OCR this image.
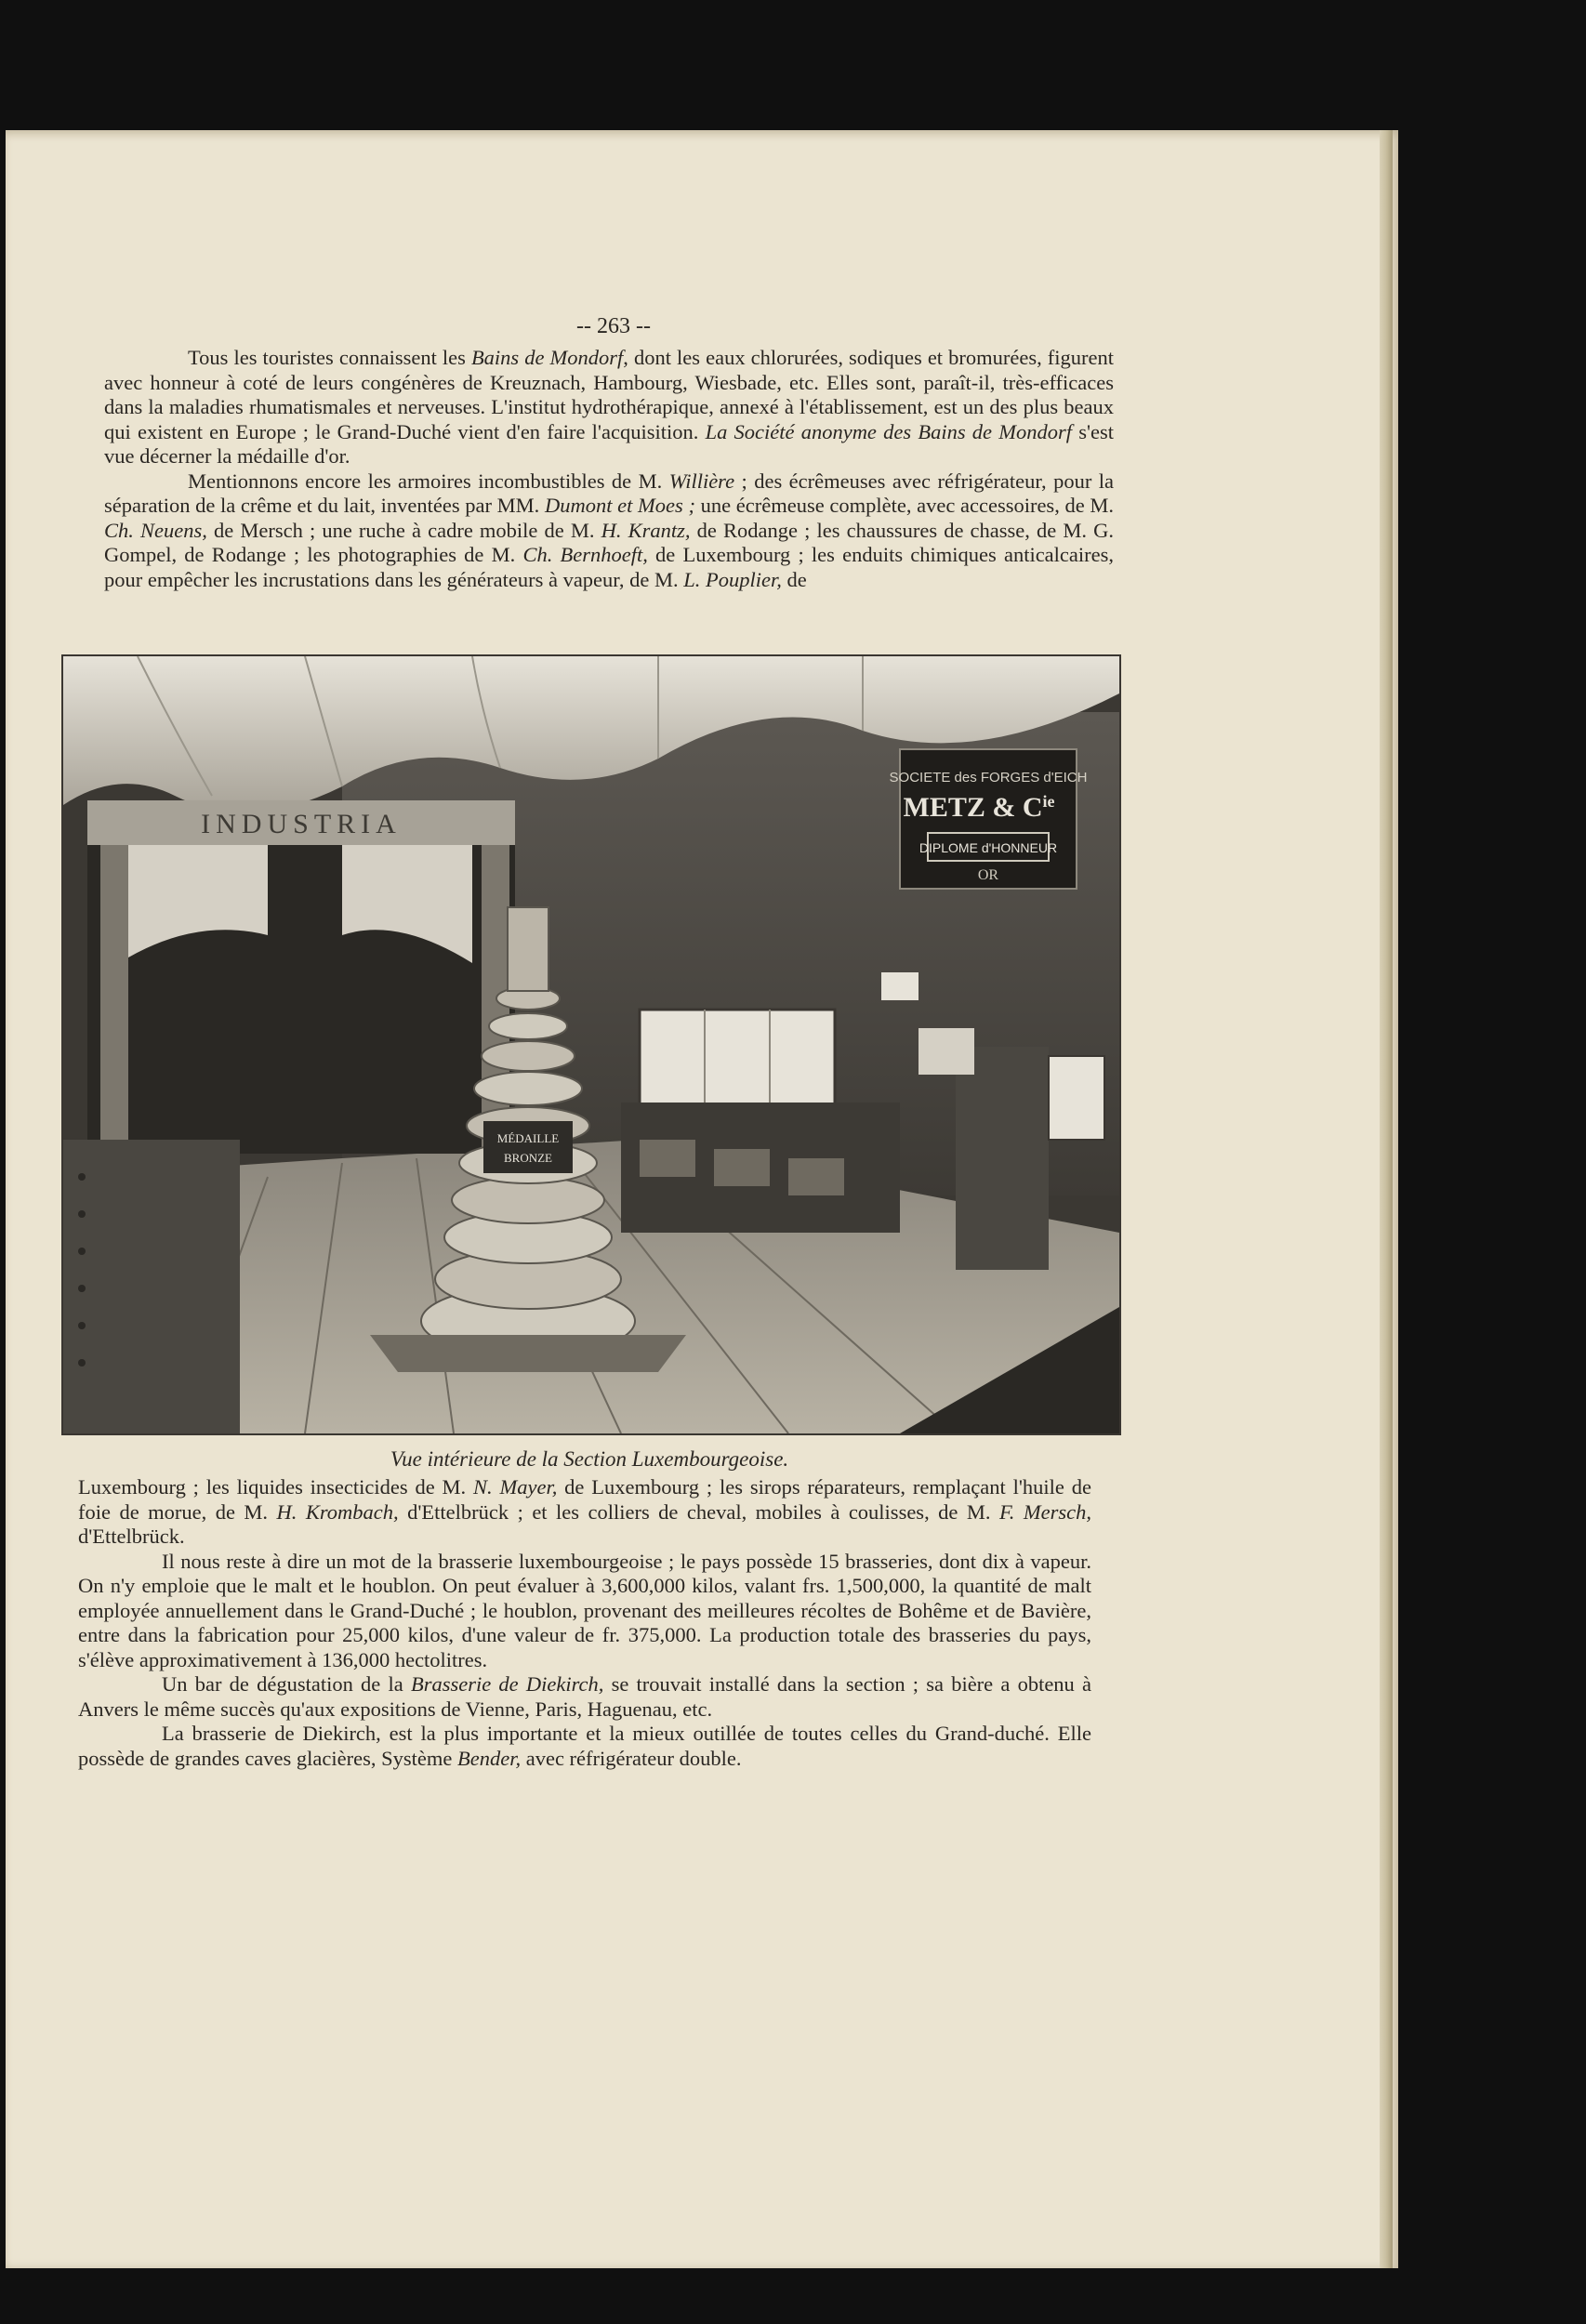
-- 263 --

Tous les touristes connaissent les Bains de Mondorf, dont les eaux chlorurées, sodiques et bromurées, figurent avec honneur à coté de leurs congénères de Kreuznach, Hambourg, Wiesbade, etc. Elles sont, paraît-il, très-efficaces dans la maladies rhumatismales et nerveuses. L'institut hydrothérapique, annexé à l'établissement, est un des plus beaux qui existent en Europe ; le Grand-Duché vient d'en faire l'acquisition. La Société anonyme des Bains de Mondorf s'est vue décerner la médaille d'or.

Mentionnons encore les armoires incombustibles de M. Willière ; des écrêmeuses avec réfrigérateur, pour la séparation de la crême et du lait, inventées par MM. Dumont et Moes ; une écrêmeuse complète, avec accessoires, de M. Ch. Neuens, de Mersch ; une ruche à cadre mobile de M. H. Krantz, de Rodange ; les chaussures de chasse, de M. G. Gompel, de Rodange ; les photographies de M. Ch. Bernhoeft, de Luxembourg ; les enduits chimiques anticalcaires, pour empêcher les incrustations dans les générateurs à vapeur, de M. L. Pouplier, de

INDUSTRIA
MÉDAILLE
BRONZE
SOCIETE des FORGES d'EICH
METZ & $C^{ie}$
DIPLOME d'HONNEUR
OR
Vue intérieure de la Section Luxembourgeoise.

Luxembourg ; les liquides insecticides de M. N. Mayer, de Luxembourg ; les sirops réparateurs, remplaçant l'huile de foie de morue, de M. H. Krombach, d'Ettelbrück ; et les colliers de cheval, mobiles à coulisses, de M. F. Mersch, d'Ettelbrück.

Il nous reste à dire un mot de la brasserie luxembourgeoise ; le pays possède 15 brasseries, dont dix à vapeur. On n'y emploie que le malt et le houblon. On peut évaluer à 3,600,000 kilos, valant frs. 1,500,000, la quantité de malt employée annuellement dans le Grand-Duché ; le houblon, provenant des meilleures récoltes de Bohême et de Bavière, entre dans la fabrication pour 25,000 kilos, d'une valeur de fr. 375,000. La production totale des brasseries du pays, s'élève approximativement à 136,000 hectolitres.

Un bar de dégustation de la Brasserie de Diekirch, se trouvait installé dans la section ; sa bière a obtenu à Anvers le même succès qu'aux expositions de Vienne, Paris, Haguenau, etc.

La brasserie de Diekirch, est la plus importante et la mieux outillée de toutes celles du Grand-duché. Elle possède de grandes caves glacières, Système Bender, avec réfrigérateur double.
